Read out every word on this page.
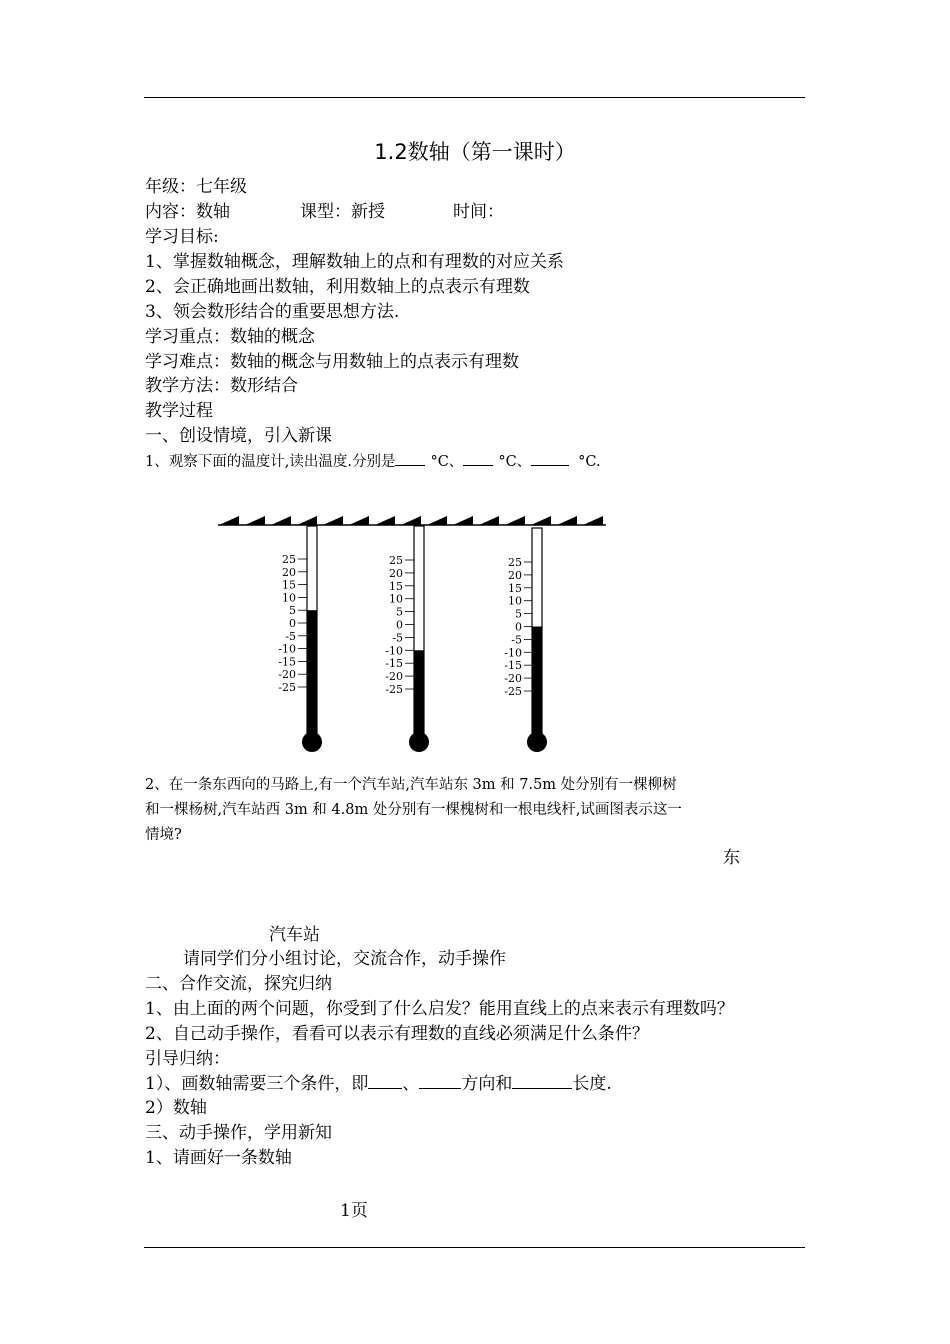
1.2数轴（第一课时）
年级：七年级
内容：数轴	课型：新授	时间：
学习目标:
1、掌握数轴概念，理解数轴上的点和有理数的对应关系
2、会正确地画出数轴，利用数轴上的点表示有理数
3、领会数形结合的重要思想方法.
学习重点：数轴的概念
学习难点：数轴的概念与用数轴上的点表示有理数
教学方法：数形结合
教学过程
一、创设情境，引入新课
1、观察下面的温度计,读出温度.分别是 °C、 °C、	°C.
25
20
15
10
5
0
-5
-10
-15
-20
-25
25
20
15
10
5
0
-5
-10
-15
-20
-25
25
20
15
10
5
0
-5
-10
-15
-20
-25
2、在一条东西向的马路上,有一个汽车站,汽车站东 3m 和 7.5m 处分别有一棵柳树
和一棵杨树,汽车站西 3m 和 4.8m 处分别有一棵槐树和一根电线杆,试画图表示这一
情境?
东
汽车站
请同学们分小组讨论，交流合作，动手操作
二、合作交流，探究归纳
1、由上面的两个问题，你受到了什么启发？能用直线上的点来表示有理数吗？
2、自己动手操作，看看可以表示有理数的直线必须满足什么条件？
引导归纳：
1）、画数轴需要三个条件，即 、 方向和	长度.
2）数轴
三、动手操作，学用新知
1、请画好一条数轴
1页
